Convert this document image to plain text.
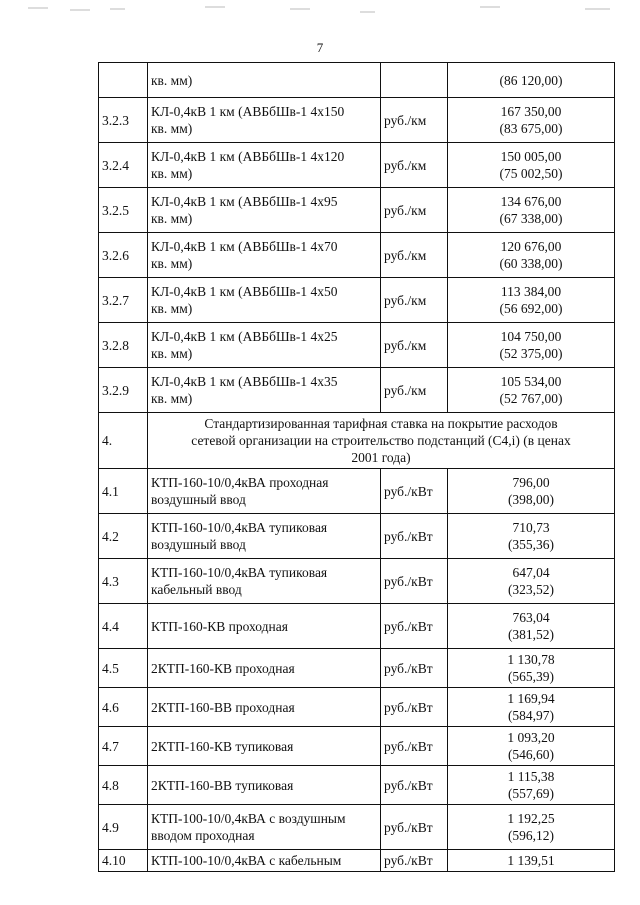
7

	кв. мм)		(86 120,00)

3.2.3	КЛ-0,4кВ 1 км (АВБбШв-1 4x150
кв. мм)	руб./км	167 350,00
(83 675,00)

3.2.4	КЛ-0,4кВ 1 км (АВБбШв-1 4x120
кв. мм)	руб./км	150 005,00
(75 002,50)

3.2.5	КЛ-0,4кВ 1 км (АВБбШв-1 4x95
кв. мм)	руб./км	134 676,00
(67 338,00)

3.2.6	КЛ-0,4кВ 1 км (АВБбШв-1 4x70
кв. мм)	руб./км	120 676,00
(60 338,00)

3.2.7	КЛ-0,4кВ 1 км (АВБбШв-1 4x50
кв. мм)	руб./км	113 384,00
(56 692,00)

3.2.8	КЛ-0,4кВ 1 км (АВБбШв-1 4x25
кв. мм)	руб./км	104 750,00
(52 375,00)

3.2.9	КЛ-0,4кВ 1 км (АВБбШв-1 4x35
кв. мм)	руб./км	105 534,00
(52 767,00)

4.	Стандартизированная тарифная ставка на покрытие расходов
сетевой организации на строительство подстанций (С4,i) (в ценах
2001 года)		

4.1	КТП-160-10/0,4кВА проходная
воздушный ввод	руб./кВт	796,00
(398,00)

4.2	КТП-160-10/0,4кВА тупиковая
воздушный ввод	руб./кВт	710,73
(355,36)

4.3	КТП-160-10/0,4кВА тупиковая
кабельный ввод	руб./кВт	647,04
(323,52)

4.4	КТП-160-КВ проходная	руб./кВт	763,04
(381,52)

4.5	2КТП-160-КВ проходная	руб./кВт	1 130,78
(565,39)

4.6	2КТП-160-ВВ проходная	руб./кВт	1 169,94
(584,97)

4.7	2КТП-160-КВ тупиковая	руб./кВт	1 093,20
(546,60)

4.8	2КТП-160-ВВ тупиковая	руб./кВт	1 115,38
(557,69)

4.9	КТП-100-10/0,4кВА с воздушным
вводом проходная	руб./кВт	1 192,25
(596,12)

4.10	КТП-100-10/0,4кВА с кабельным	руб./кВт	1 139,51
